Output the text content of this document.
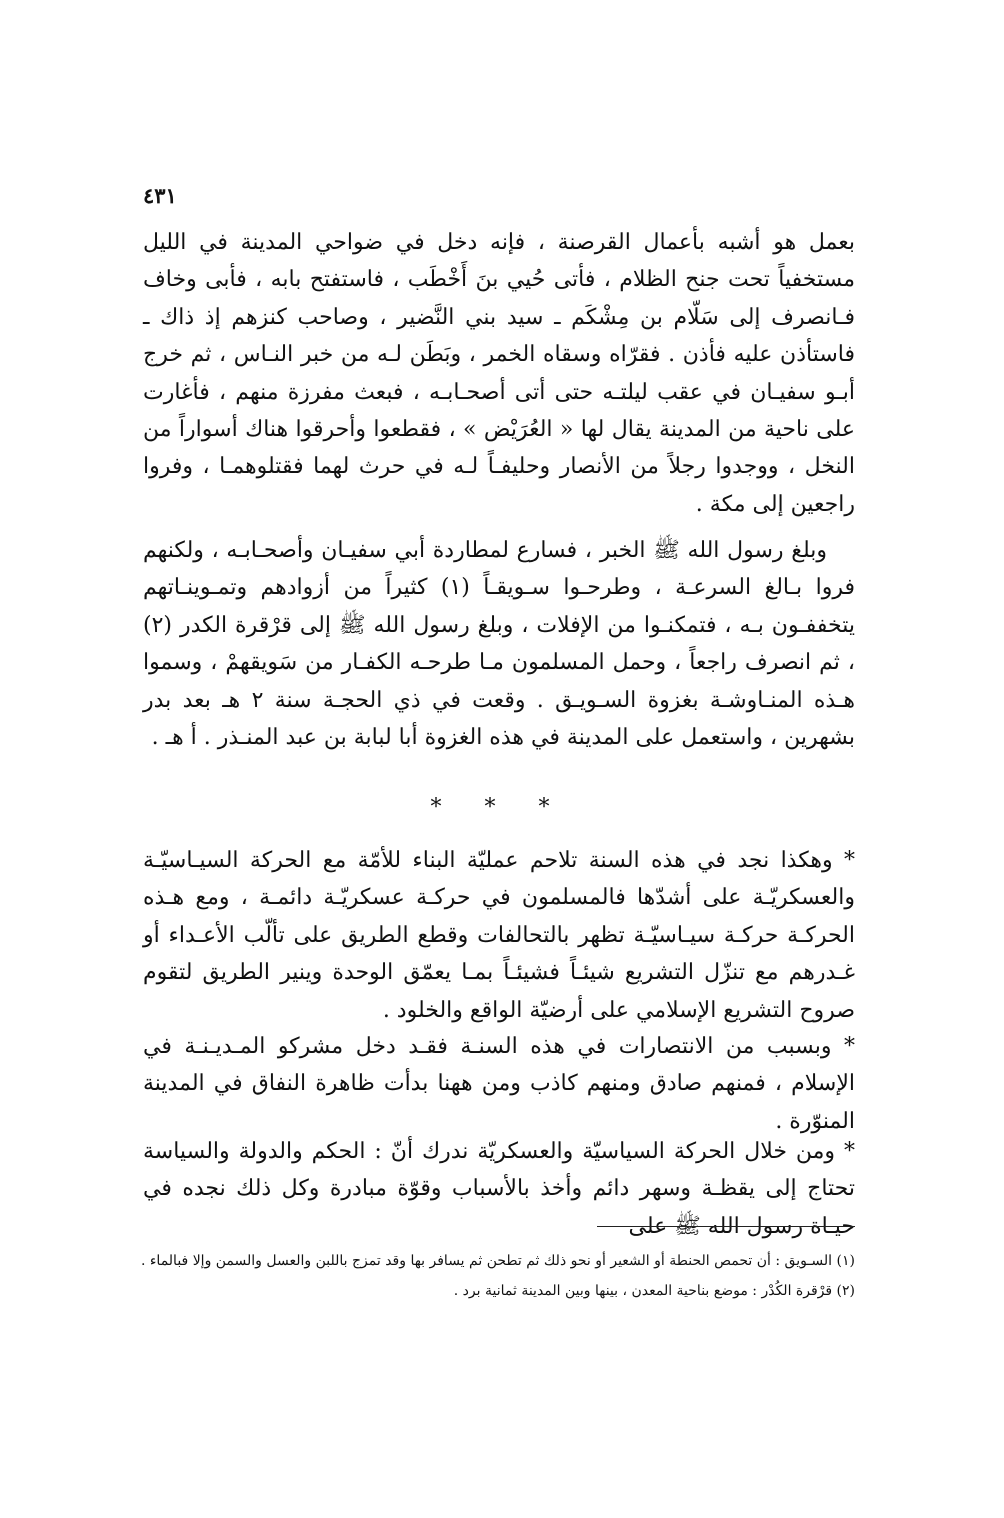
٤٣١

بعمل هو أشبه بأعمال القرصنة ، فإنه دخل في ضواحي المدينة في الليل مستخفياً تحت جنح الظلام ، فأتى حُيي بنَ أَخْطَب ، فاستفتح بابه ، فأبى وخاف فـانصرف إلى سَلّام بن مِشْكَم ـ سيد بني النَّضير ، وصاحب كنزهم إذ ذاك ـ فاستأذن عليه فأذن . فقرّاه وسقاه الخمر ، وبَطَن لـه من خبر النـاس ، ثم خرج أبـو سفيـان في عقب ليلتـه حتى أتى أصحـابـه ، فبعث مفرزة منهم ، فأغارت على ناحية من المدينة يقال لها « العُرَيْض » ، فقطعوا وأحرقوا هناك أسواراً من النخل ، ووجدوا رجلاً من الأنصار وحليفـاً لـه في حرث لهما فقتلوهمـا ، وفروا راجعين إلى مكة .

وبلغ رسول الله ﷺ الخبر ، فسارع لمطاردة أبي سفيـان وأصحـابـه ، ولكنهم فروا بـالغ السرعـة ، وطرحـوا سـويقـاً (١) كثيراً من أزوادهم وتمـوينـاتهم يتخففـون بـه ، فتمكنـوا من الإفلات ، وبلغ رسول الله ﷺ إلى قرْقرة الكدر (٢) ، ثم انصرف راجعاً ، وحمل المسلمون مـا طرحـه الكفـار من سَويقهمْ ، وسموا هـذه المنـاوشـة بغزوة السـويـق . وقعت في ذي الحجـة سنة ٢ هـ بعد بدر بشهرين ، واستعمل على المدينة في هذه الغزوة أبا لبابة بن عبد المنـذر . أ هـ .

* * *

* وهكذا نجد في هذه السنة تلاحم عمليّة البناء للأمّة مع الحركة السيـاسيّـة والعسكريّـة على أشدّها فالمسلمون في حركـة عسكريّـة دائمـة ، ومع هـذه الحركـة حركـة سيـاسيّـة تظهر بالتحالفات وقطع الطريق على تألّب الأعـداء أو غـدرهم مع تنزّل التشريع شيئـاً فشيئـاً بمـا يعمّق الوحدة وينير الطريق لتقوم صروح التشريع الإسلامي على أرضيّة الواقع والخلود .

* وبسبب من الانتصارات في هذه السنـة فقـد دخل مشركو المـديـنـة في الإسلام ، فمنهم صادق ومنهم كاذب ومن ههنا بدأت ظاهرة النفاق في المدينة المنوّرة .

* ومن خلال الحركة السياسيّة والعسكريّة ندرك أنّ : الحكم والدولة والسياسة تحتاج إلى يقظـة وسهر دائم وأخذ بالأسباب وقوّة مبادرة وكل ذلك نجده في حيـاة رسول الله ﷺ على

(١) السـويق : أن تحمص الحنطة أو الشعير أو نحو ذلك ثم تطحن ثم يسافر بها وقد تمزج باللبن والعسل والسمن وإلا فبالماء .

(٢) قرْقرة الكُدْر : موضع بناحية المعدن ، بينها وبين المدينة ثمانية برد .
